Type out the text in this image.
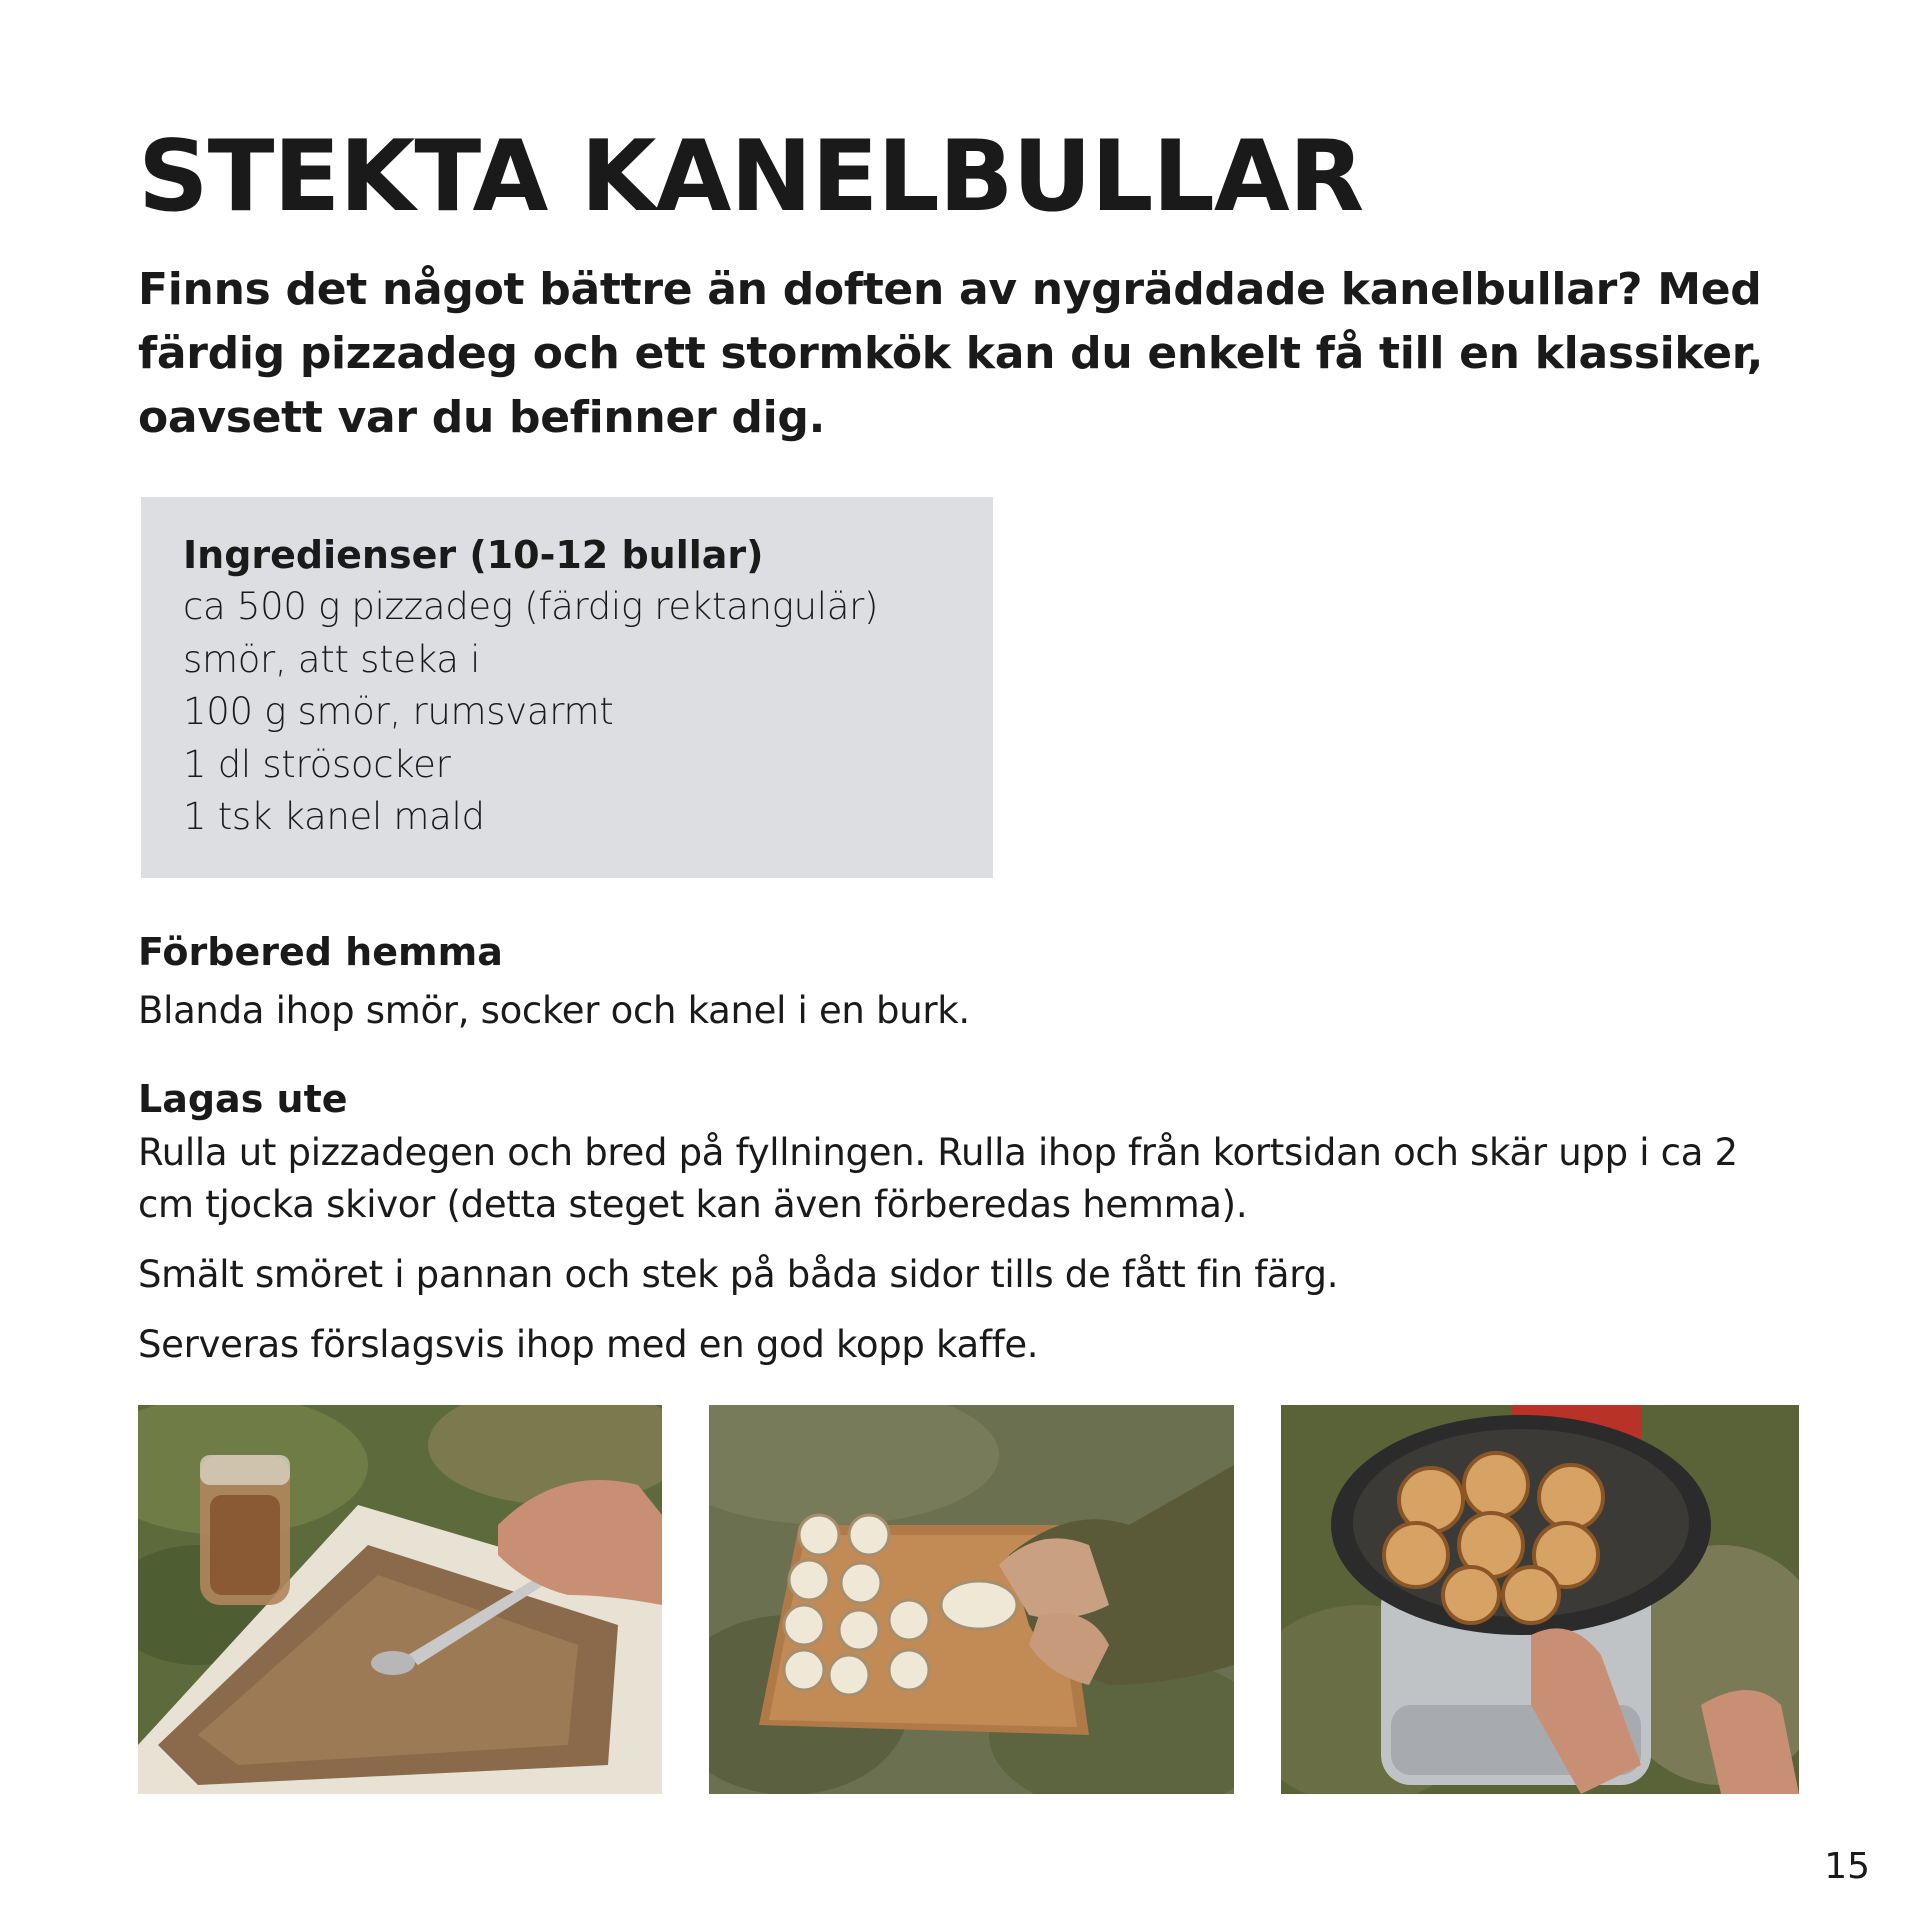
STEKTA KANELBULLAR

Finns det något bättre än doften av nygräddade kanelbullar? Med färdig pizzadeg och ett stormkök kan du enkelt få till en klassiker, oavsett var du befinner dig.

Ingredienser (10-12 bullar)

ca 500 g pizzadeg (färdig rektangulär)
smör, att steka i
100 g smör, rumsvarmt
1 dl strösocker
1 tsk kanel mald

Förbered hemma

Blanda ihop smör, socker och kanel i en burk.

Lagas ute

Rulla ut pizzadegen och bred på fyllningen. Rulla ihop från kortsidan och skär upp i ca 2 cm tjocka skivor (detta steget kan även förberedas hemma).

Smält smöret i pannan och stek på båda sidor tills de fått fin färg.

Serveras förslagsvis ihop med en god kopp kaffe.

15
